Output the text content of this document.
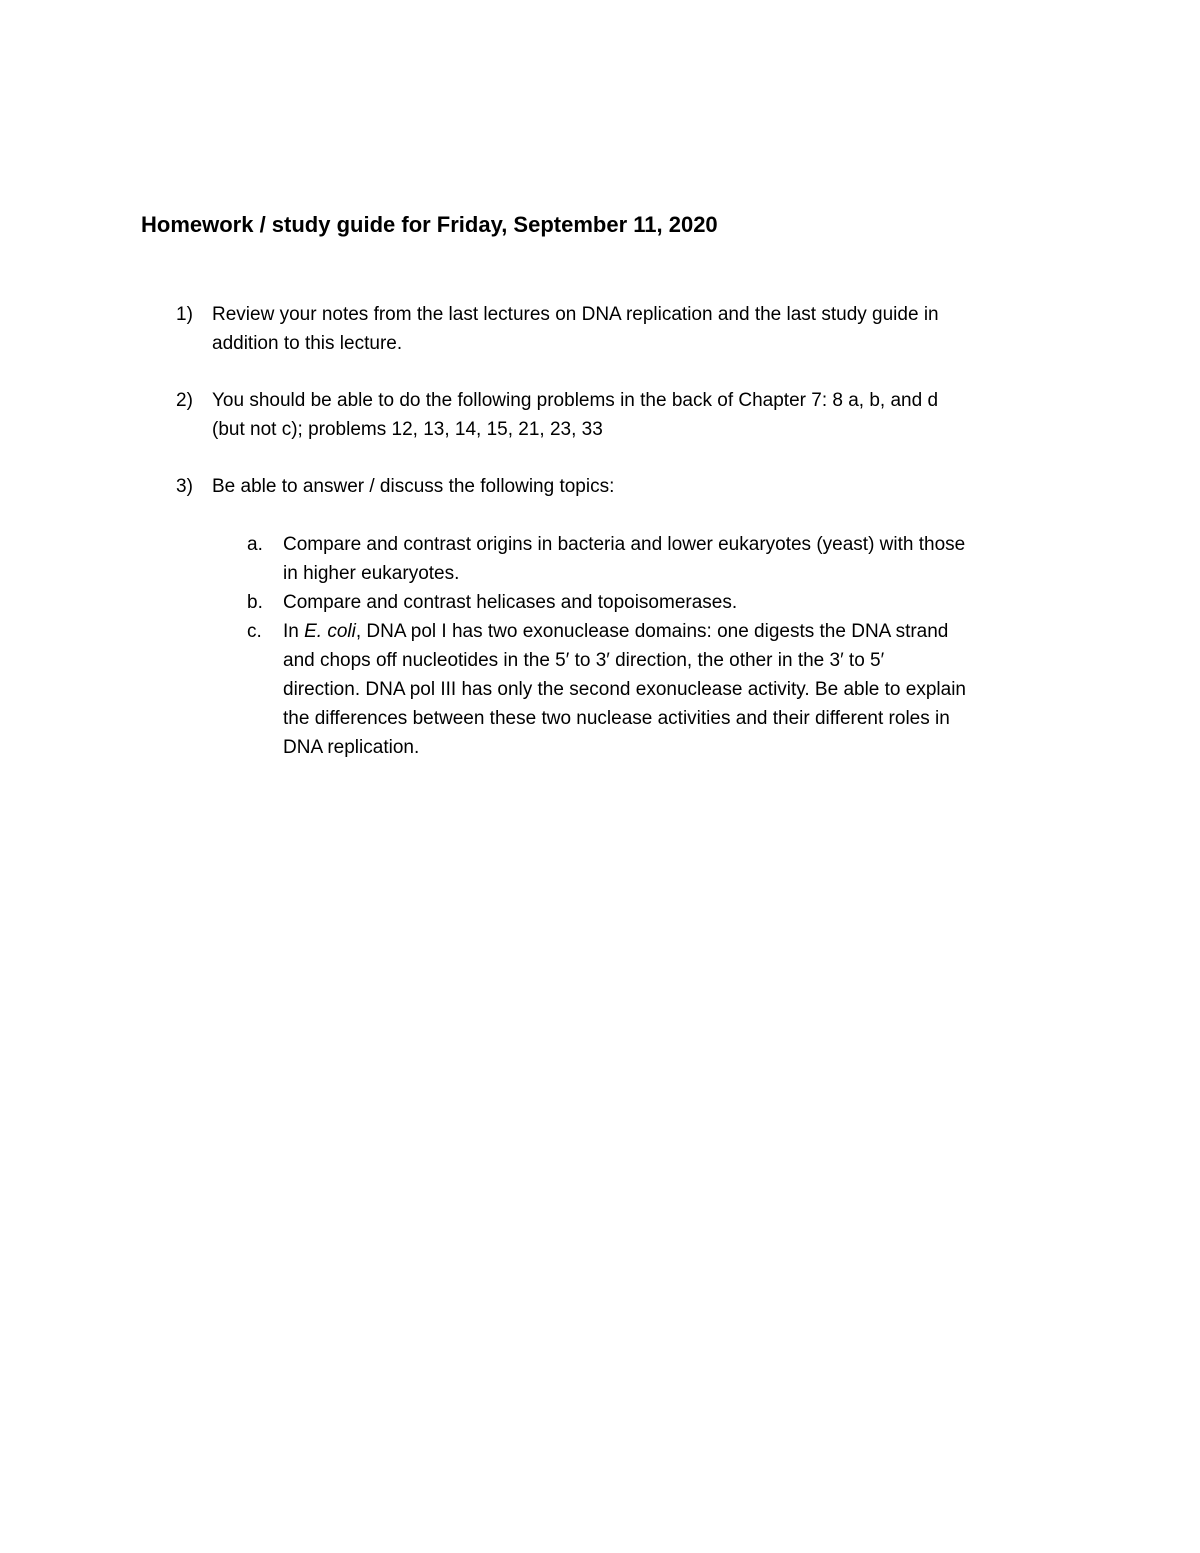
Homework / study guide for Friday, September 11, 2020
1)	Review your notes from the last lectures on DNA replication and the last study guide in
addition to this lecture.
2)	You should be able to do the following problems in the back of Chapter 7: 8 a, b, and d
(but not c); problems 12, 13, 14, 15, 21, 23, 33
3)	Be able to answer / discuss the following topics:
a.	Compare and contrast origins in bacteria and lower eukaryotes (yeast) with those
in higher eukaryotes.
b.	Compare and contrast helicases and topoisomerases.
c.	In E. coli, DNA pol I has two exonuclease domains: one digests the DNA strand
and chops off nucleotides in the 5′ to 3′ direction, the other in the 3′ to 5′
direction. DNA pol III has only the second exonuclease activity. Be able to explain
the differences between these two nuclease activities and their different roles in
DNA replication.
